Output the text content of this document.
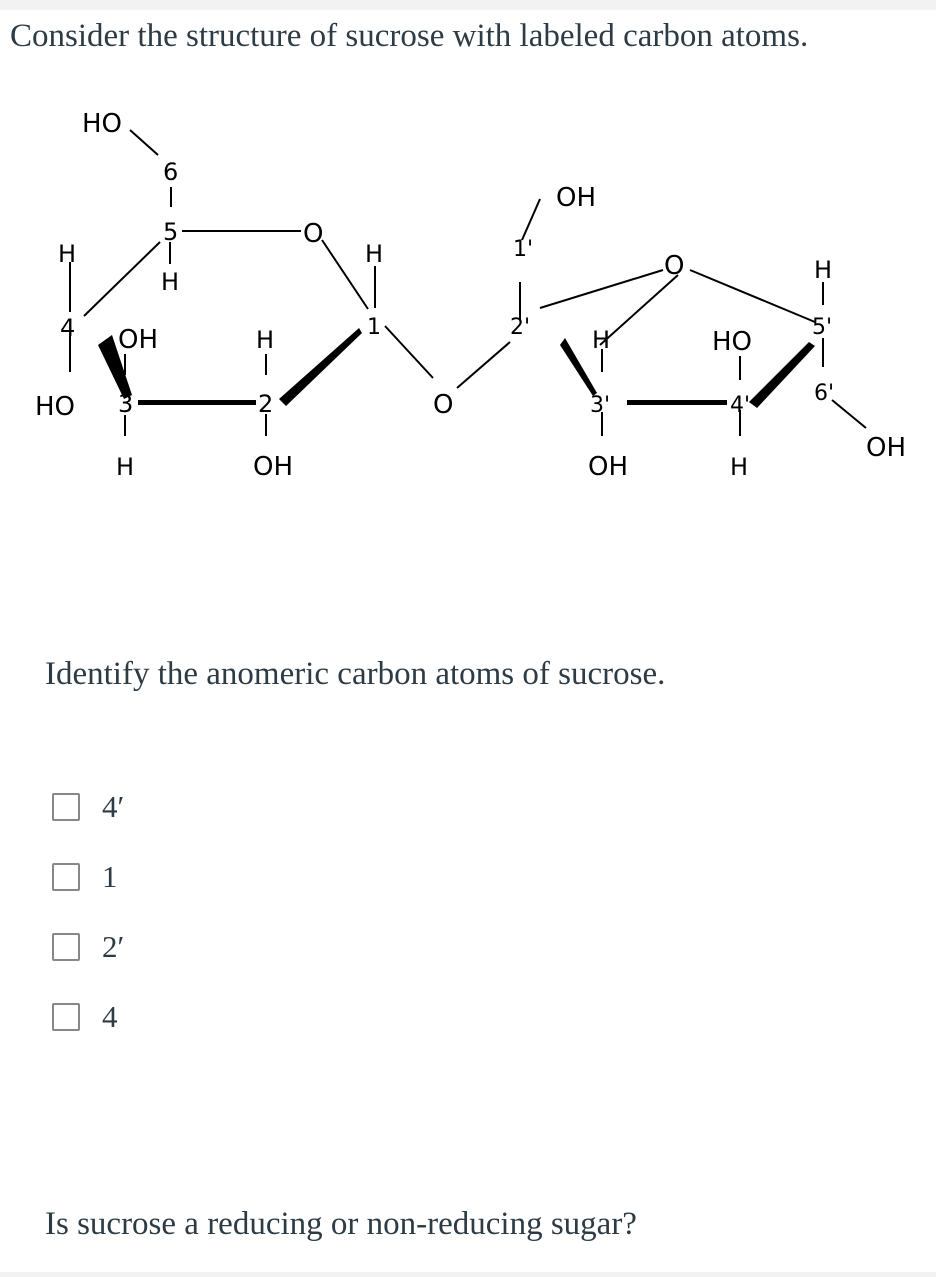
Consider the structure of sucrose with labeled carbon atoms.
HO
6
5
H
O
H
4
HO
OH
3
H
H
2
OH
H
1
O
1'
OH
2'
O
H
3'
OH
HO
4'
H
H
5'
6'
OH
Identify the anomeric carbon atoms of sucrose.
4′
1
2′
4
Is sucrose a reducing or non-reducing sugar?
